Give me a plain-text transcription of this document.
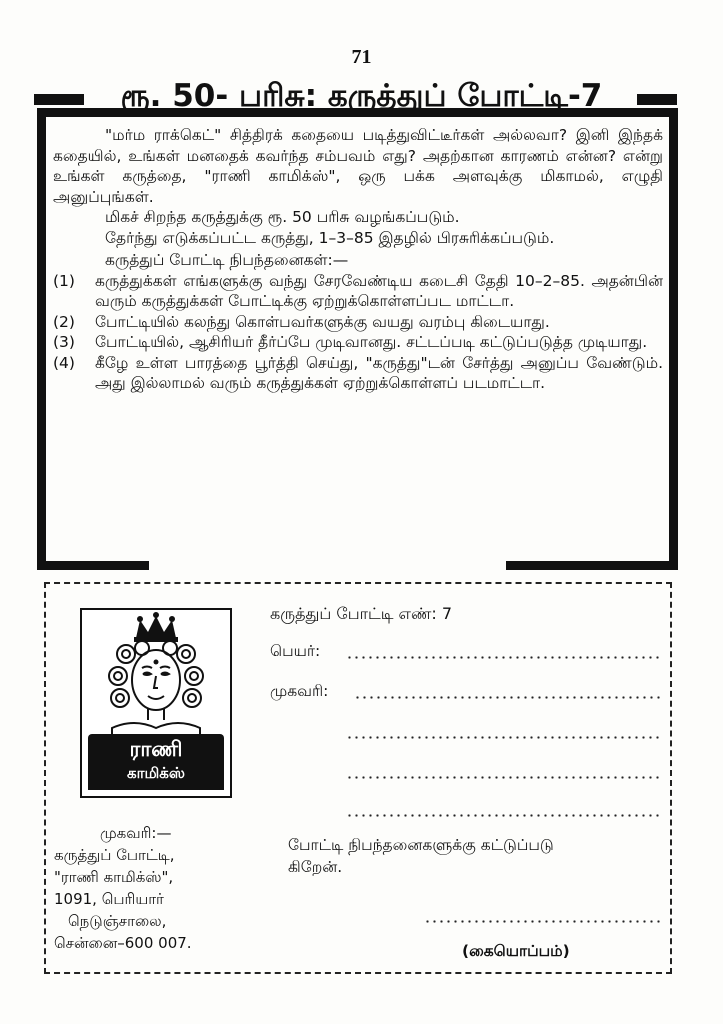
71
ரூ. 50- பரிசு: கருத்துப் போட்டி-7

"மர்ம ராக்கெட்" சித்திரக் கதையை படித்துவிட்டீர்கள் அல்லவா? இனி இந்தக் கதையில், உங்கள் மனதைக் கவர்ந்த சம்பவம் எது? அதற்கான காரணம் என்ன? என்று உங்கள் கருத்தை, "ராணி காமிக்ஸ்", ஒரு பக்க அளவுக்கு மிகாமல், எழுதி அனுப்புங்கள்.

மிகச் சிறந்த கருத்துக்கு ரூ. 50 பரிசு வழங்கப்படும்.

தேர்ந்து எடுக்கப்பட்ட கருத்து, 1–3–85 இதழில் பிரசுரிக்கப்படும்.

கருத்துப் போட்டி நிபந்தனைகள்:—

(1) கருத்துக்கள் எங்களுக்கு வந்து சேரவேண்டிய கடைசி தேதி 10–2–85. அதன்பின் வரும் கருத்துக்கள் போட்டிக்கு ஏற்றுக்கொள்ளப்பட மாட்டா.
(2) போட்டியில் கலந்து கொள்பவர்களுக்கு வயது வரம்பு கிடையாது.
(3) போட்டியில், ஆசிரியர் தீர்ப்பே முடிவானது. சட்டப்படி கட்டுப்படுத்த முடியாது.
(4) கீழே உள்ள பாரத்தை பூர்த்தி செய்து, "கருத்து"டன் சேர்த்து அனுப்ப வேண்டும். அது இல்லாமல் வரும் கருத்துக்கள் ஏற்றுக்கொள்ளப் படமாட்டா.
ராணி
காமிக்ஸ்
கருத்துப் போட்டி எண்: 7
பெயர்:
முகவரி:
முகவரி:—
கருத்துப் போட்டி,
"ராணி காமிக்ஸ்",
1091, பெரியார்
நெடுஞ்சாலை,
சென்னை–600 007.
போட்டி நிபந்தனைகளுக்கு கட்டுப்படு
கிறேன்.
(கையொப்பம்)
